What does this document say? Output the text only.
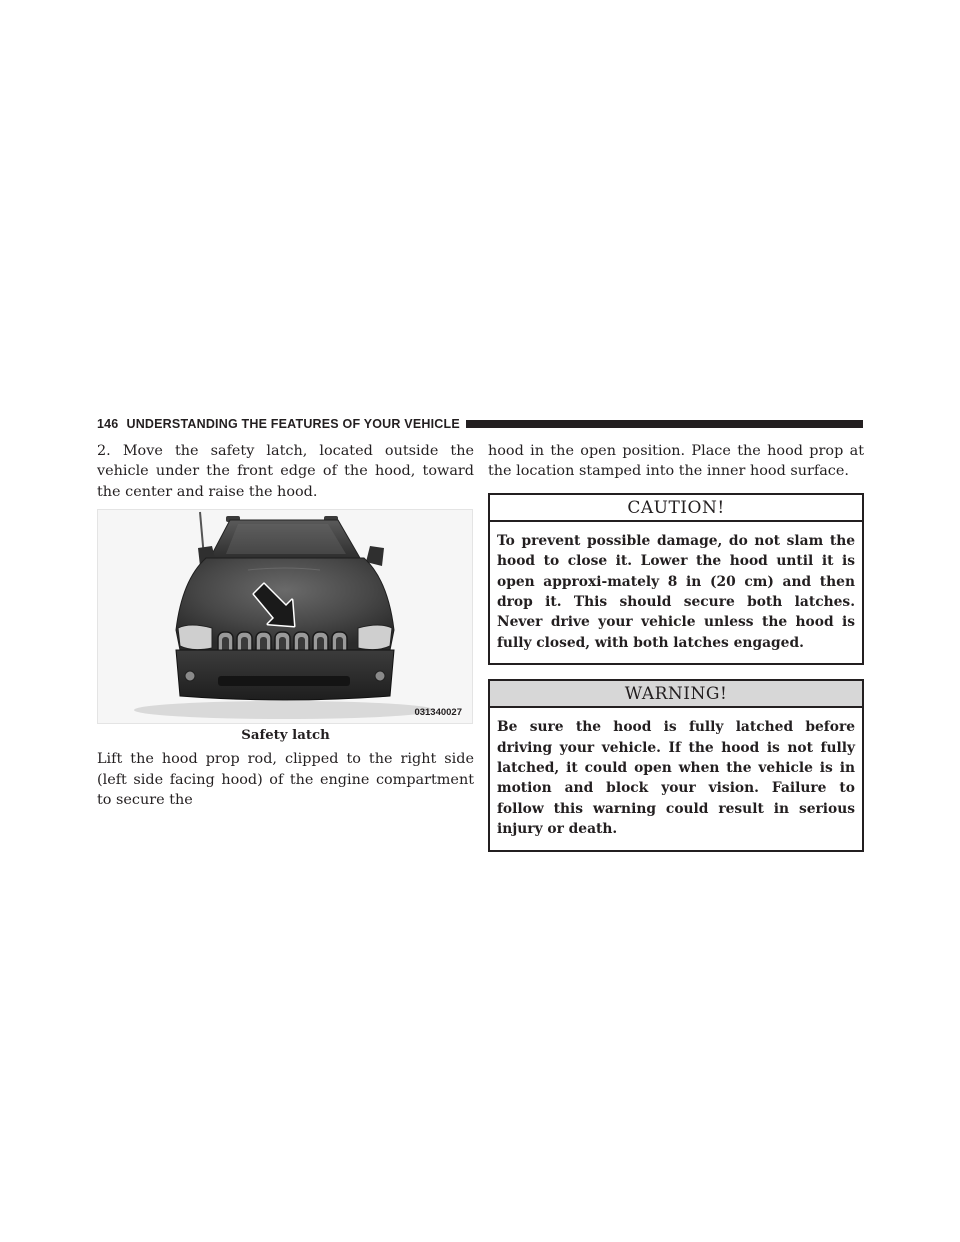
146 UNDERSTANDING THE FEATURES OF YOUR VEHICLE

2. Move the safety latch, located outside the vehicle under the front edge of the hood, toward the center and raise the hood.

031340027
Safety latch

Lift the hood prop rod, clipped to the right side (left side facing hood) of the engine compartment to secure the

hood in the open position. Place the hood prop at the location stamped into the inner hood surface.

CAUTION!

To prevent possible damage, do not slam the hood to close it. Lower the hood until it is open approxi-mately 8 in (20 cm) and then drop it. This should secure both latches. Never drive your vehicle unless the hood is fully closed, with both latches engaged.

WARNING!

Be sure the hood is fully latched before driving your vehicle. If the hood is not fully latched, it could open when the vehicle is in motion and block your vision. Failure to follow this warning could result in serious injury or death.
